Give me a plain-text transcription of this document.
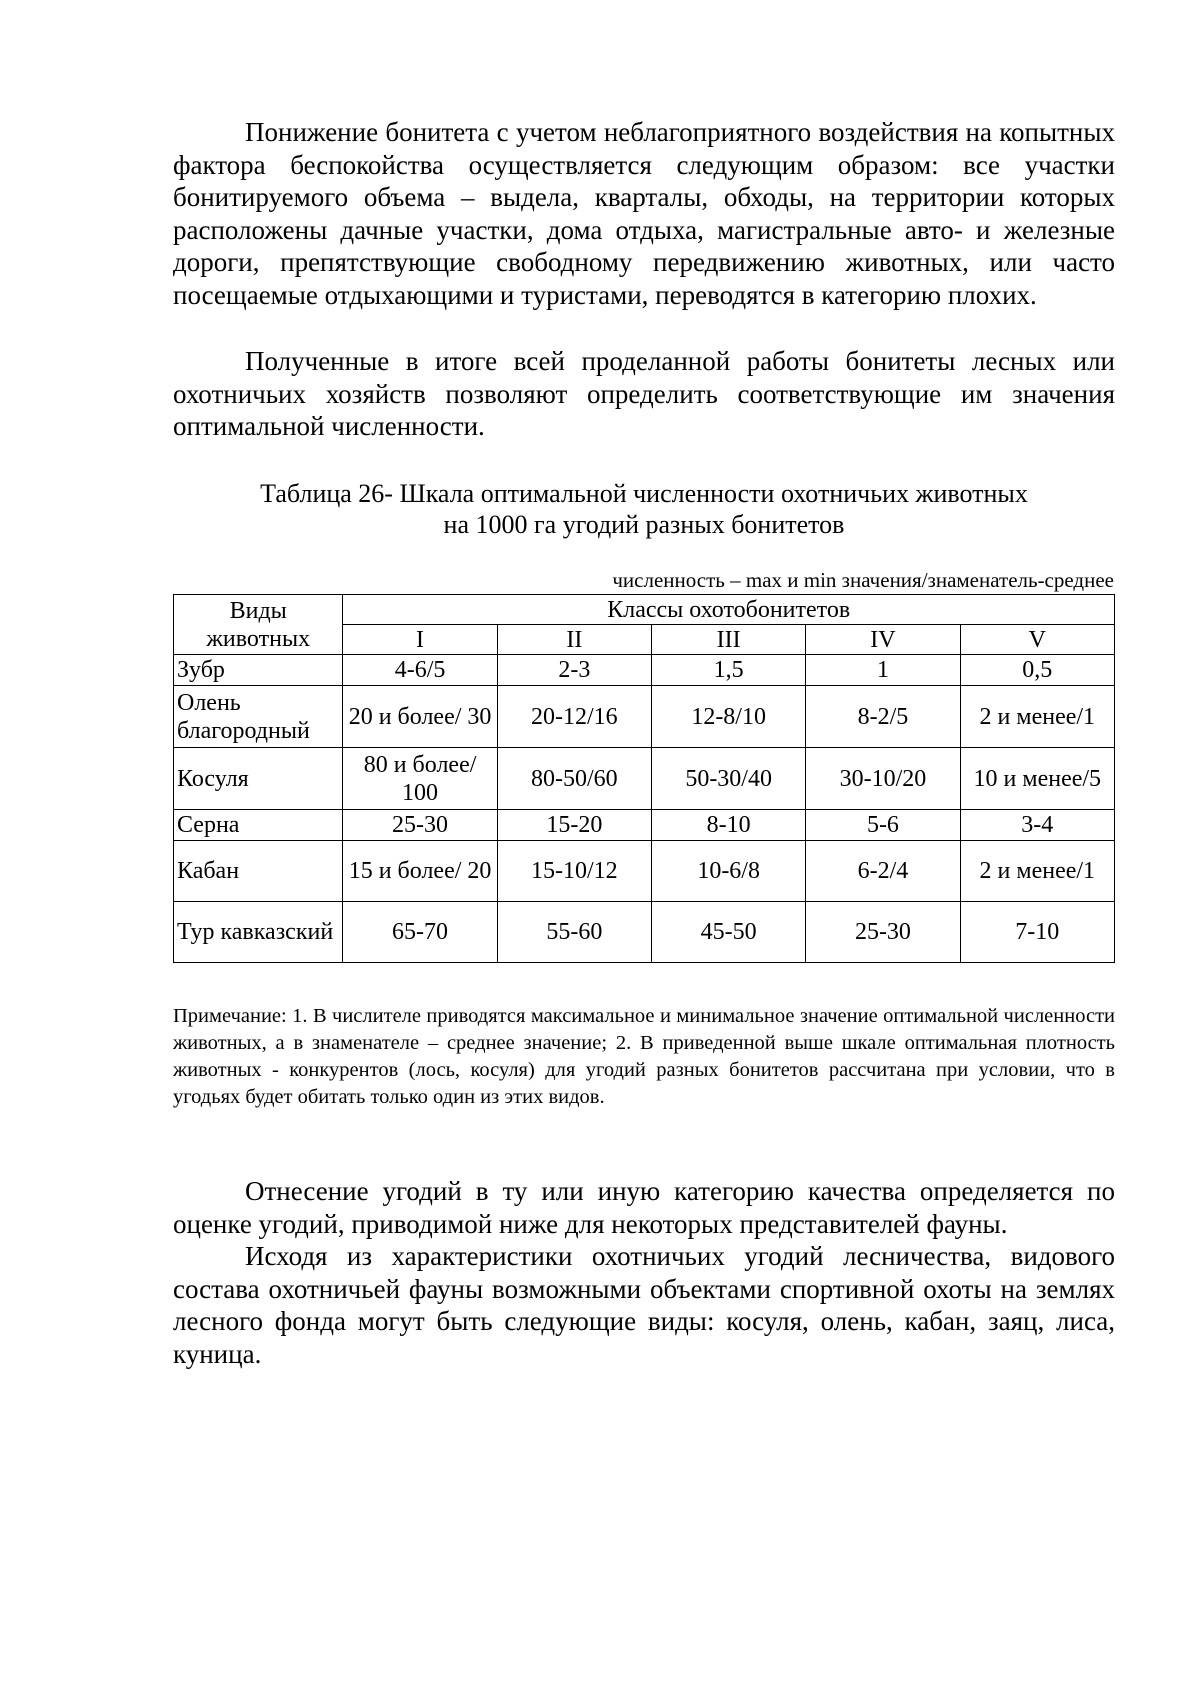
Понижение бонитета с учетом неблагоприятного воздействия на копытных фактора беспокойства осуществляется следующим образом: все участки бонитируемого объема – выдела, кварталы, обходы, на территории которых расположены дачные участки, дома отдыха, магистральные авто- и железные дороги, препятствующие свободному передвижению животных, или часто посещаемые отдыхающими и туристами, переводятся в категорию плохих.

Полученные в итоге всей проделанной работы бонитеты лесных или охотничьих хозяйств позволяют определить соответствующие им значения оптимальной численности.

Таблица 26- Шкала оптимальной численности охотничьих животных
на 1000 га угодий разных бонитетов
численность – max и min значения/знаменатель-среднее
Виды животных	Классы охотобонитетов				
	I	II	III	IV	V
Зубр	4-6/5	2-3	1,5	1	0,5
Олень благородный	20 и более/ 30	20-12/16	12-8/10	8-2/5	2 и менее/1
Косуля	80 и более/ 100	80-50/60	50-30/40	30-10/20	10 и менее/5
Серна	25-30	15-20	8-10	5-6	3-4
Кабан	15 и более/ 20	15-10/12	10-6/8	6-2/4	2 и менее/1
Тур кавказский	65-70	55-60	45-50	25-30	7-10

Примечание: 1. В числителе приводятся максимальное и минимальное значение оптимальной численности животных, а в знаменателе – среднее значение; 2. В приведенной выше шкале оптимальная плотность животных - конкурентов (лось, косуля) для угодий разных бонитетов рассчитана при условии, что в угодьях будет обитать только один из этих видов.

Отнесение угодий в ту или иную категорию качества определяется по оценке угодий, приводимой ниже для некоторых представителей фауны.

Исходя из характеристики охотничьих угодий лесничества, видового состава охотничьей фауны возможными объектами спортивной охоты на землях лесного фонда могут быть следующие виды: косуля, олень, кабан, заяц, лиса, куница.
